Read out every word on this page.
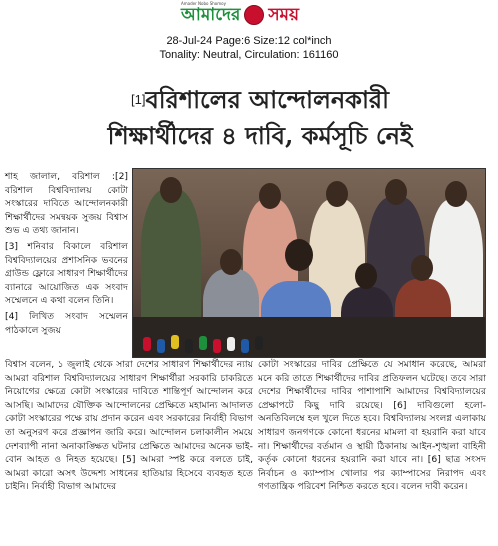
Amader Nobo Shomoy
আমাদের সময়
28-Jul-24 Page:6 Size:12 col*inch
Tonality: Neutral, Circulation: 161160
[1]বরিশালের আন্দোলনকারী
শিক্ষার্থীদের ৪ দাবি, কর্মসূচি নেই

শাহ জালাল, বরিশাল :[2] বরিশাল বিশ্ববিদ্যালয় কোটা সংস্কারের দাবিতে আন্দোলনকারী শিক্ষার্থীদের সমন্বয়ক সুজয় বিশ্বাস শুভ এ তথ্য জানান।

[3] শনিবার বিকালে বরিশাল বিশ্ববিদ্যালয়ের প্রশাসনিক ভবনের গ্রাউন্ড ফ্লোরে সাধারণ শিক্ষার্থীদের ব্যানারে আয়োজিত এক সংবাদ সম্মেলনে এ কথা বলেন তিনি।

[4] লিখিত সংবাদ সম্মেলন পাঠকালে সুজয়

বিশ্বাস বলেন, ১ জুলাই থেকে সারা দেশের সাধারণ শিক্ষার্থীদের ন্যায় আমরা বরিশাল বিশ্ববিদ্যালয়ের সাধারণ শিক্ষার্থীরা সরকারি চাকরিতে নিয়োগের ক্ষেত্রে কোটা সংস্কারের দাবিতে শান্তিপূর্ণ আন্দোলন করে আসছি। আমাদের যৌক্তিক আন্দোলনের প্রেক্ষিতে মহামান্য আদালত কোটা সংস্কারের পক্ষে রায় প্রদান করেন এবং সরকারের নির্বাহী বিভাগ তা অনুসরণ করে প্রজ্ঞাপন জারি করে। আন্দোলন চলাকালীন সময়ে দেশব্যাপী নানা অনাকাঙ্ক্ষিত ঘটনার প্রেক্ষিতে আমাদের অনেক ভাই-বোন আহত ও নিহত হয়েছে। [5] আমরা স্পষ্ট করে বলতে চাই, আমরা কারো অসৎ উদ্দেশ্য সাধনের হাতিয়ার হিসেবে ব্যবহৃত হতে চাইনি। নির্বাহী বিভাগ আমাদের

কোটা সংস্কারের দাবির প্রেক্ষিতে যে সমাধান করেছে, আমরা মনে করি তাতে শিক্ষার্থীদের দাবির প্রতিফলন ঘটেছে। তবে সারা দেশের শিক্ষার্থীদের দাবির পাশাপাশি আমাদের বিশ্ববিদ্যালয়ের প্রেক্ষাপটে কিছু দাবি রয়েছে। [6] দাবিগুলো হলো- অনতিবিলম্বে হল খুলে দিতে হবে। বিশ্ববিদ্যালয় সংলগ্ন এলাকায় সাধারণ জনগণকে কোনো ধরনের মামলা বা হয়রানি করা যাবে না। শিক্ষার্থীদের বর্তমান ও স্থায়ী ঠিকানায় আইন-শৃঙ্খলা বাহিনী কর্তৃক কোনো ধরনের হয়রানি করা যাবে না। [6] ছাত্র সংসদ নির্বাচন ও ক্যাম্পাস খোলার পর ক্যাম্পাসের নিরাপদ এবং গণতান্ত্রিক পরিবেশ নিশ্চিত করতে হবে। বলেন দাবী করেন।
